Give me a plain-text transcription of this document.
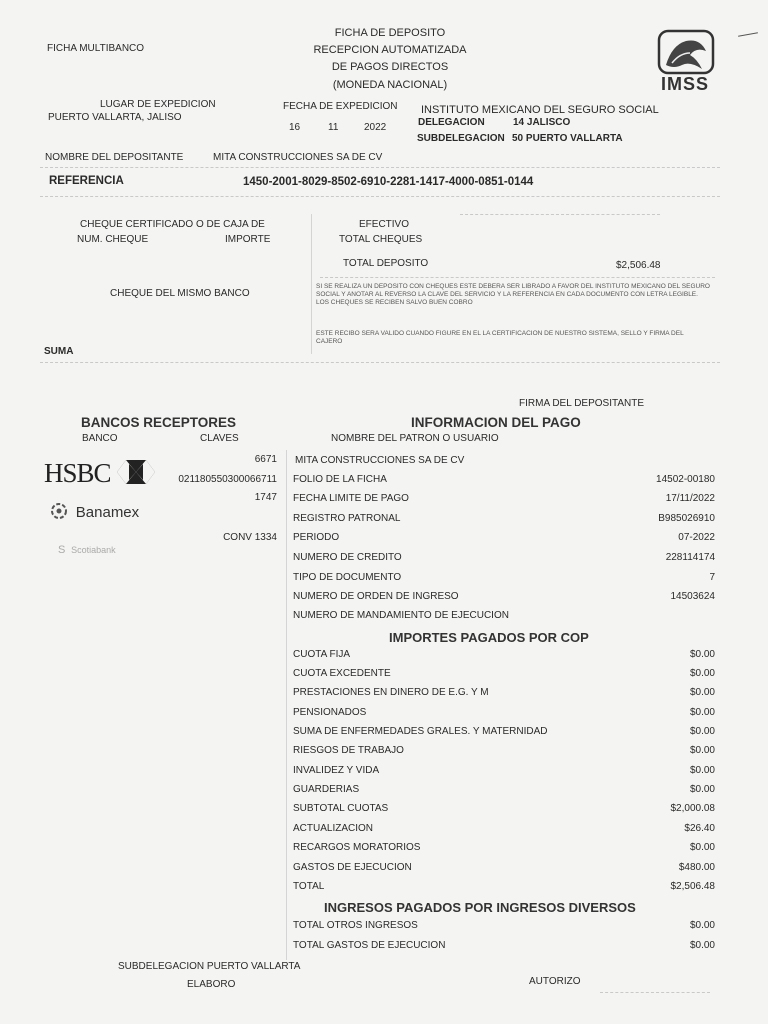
FICHA MULTIBANCO
FICHA DE DEPOSITO
RECEPCION AUTOMATIZADA
DE PAGOS DIRECTOS
(MONEDA NACIONAL)	IMSS
LUGAR DE EXPEDICION
PUERTO VALLARTA, JALISO
FECHA DE EXPEDICION
16	11	2022
INSTITUTO MEXICANO DEL SEGURO SOCIAL
DELEGACION	14 JALISCO
SUBDELEGACION 50 PUERTO VALLARTA
NOMBRE DEL DEPOSITANTE	MITA CONSTRUCCIONES SA DE CV
REFERENCIA	1450-2001-8029-8502-6910-2281-1417-4000-0851-0144
CHEQUE CERTIFICADO O DE CAJA DE
NUM. CHEQUE	IMPORTE
EFECTIVO
TOTAL CHEQUES
TOTAL DEPOSITO	$2,506.48
CHEQUE DEL MISMO BANCO
SI SE REALIZA UN DEPOSITO CON CHEQUES ESTE DEBERA SER LIBRADO A FAVOR DEL INSTITUTO MEXICANO DEL SEGURO SOCIAL Y ANOTAR AL REVERSO LA CLAVE DEL SERVICIO Y LA REFERENCIA EN CADA DOCUMENTO CON LETRA LEGIBLE. LOS CHEQUES SE RECIBEN SALVO BUEN COBRO
ESTE RECIBO SERA VALIDO CUANDO FIGURE EN EL LA CERTIFICACION DE NUESTRO SISTEMA, SELLO Y FIRMA DEL CAJERO
SUMA
FIRMA DEL DEPOSITANTE
BANCOS RECEPTORES
BANCO	CLAVES
HSBC	6671
021180550300066711
1747
Banamex
CONV 1334
S Scotiabank
INFORMACION DEL PAGO
NOMBRE DEL PATRON O USUARIO
MITA CONSTRUCCIONES SA DE CV
FOLIO DE LA FICHA	14502-00180
FECHA LIMITE DE PAGO	17/11/2022
REGISTRO PATRONAL	B985026910
PERIODO	07-2022
NUMERO DE CREDITO	228114174
TIPO DE DOCUMENTO	7
NUMERO DE ORDEN DE INGRESO	14503624
NUMERO DE MANDAMIENTO DE EJECUCION
IMPORTES PAGADOS POR COP
CUOTA FIJA	$0.00
CUOTA EXCEDENTE	$0.00
PRESTACIONES EN DINERO DE E.G. Y M	$0.00
PENSIONADOS	$0.00
SUMA DE ENFERMEDADES GRALES. Y MATERNIDAD	$0.00
RIESGOS DE TRABAJO	$0.00
INVALIDEZ Y VIDA	$0.00
GUARDERIAS	$0.00
SUBTOTAL CUOTAS	$2,000.08
ACTUALIZACION	$26.40
RECARGOS MORATORIOS	$0.00
GASTOS DE EJECUCION	$480.00
TOTAL	$2,506.48
INGRESOS PAGADOS POR INGRESOS DIVERSOS
TOTAL OTROS INGRESOS	$0.00
TOTAL GASTOS DE EJECUCION	$0.00
SUBDELEGACION PUERTO VALLARTA
ELABORO	AUTORIZO
